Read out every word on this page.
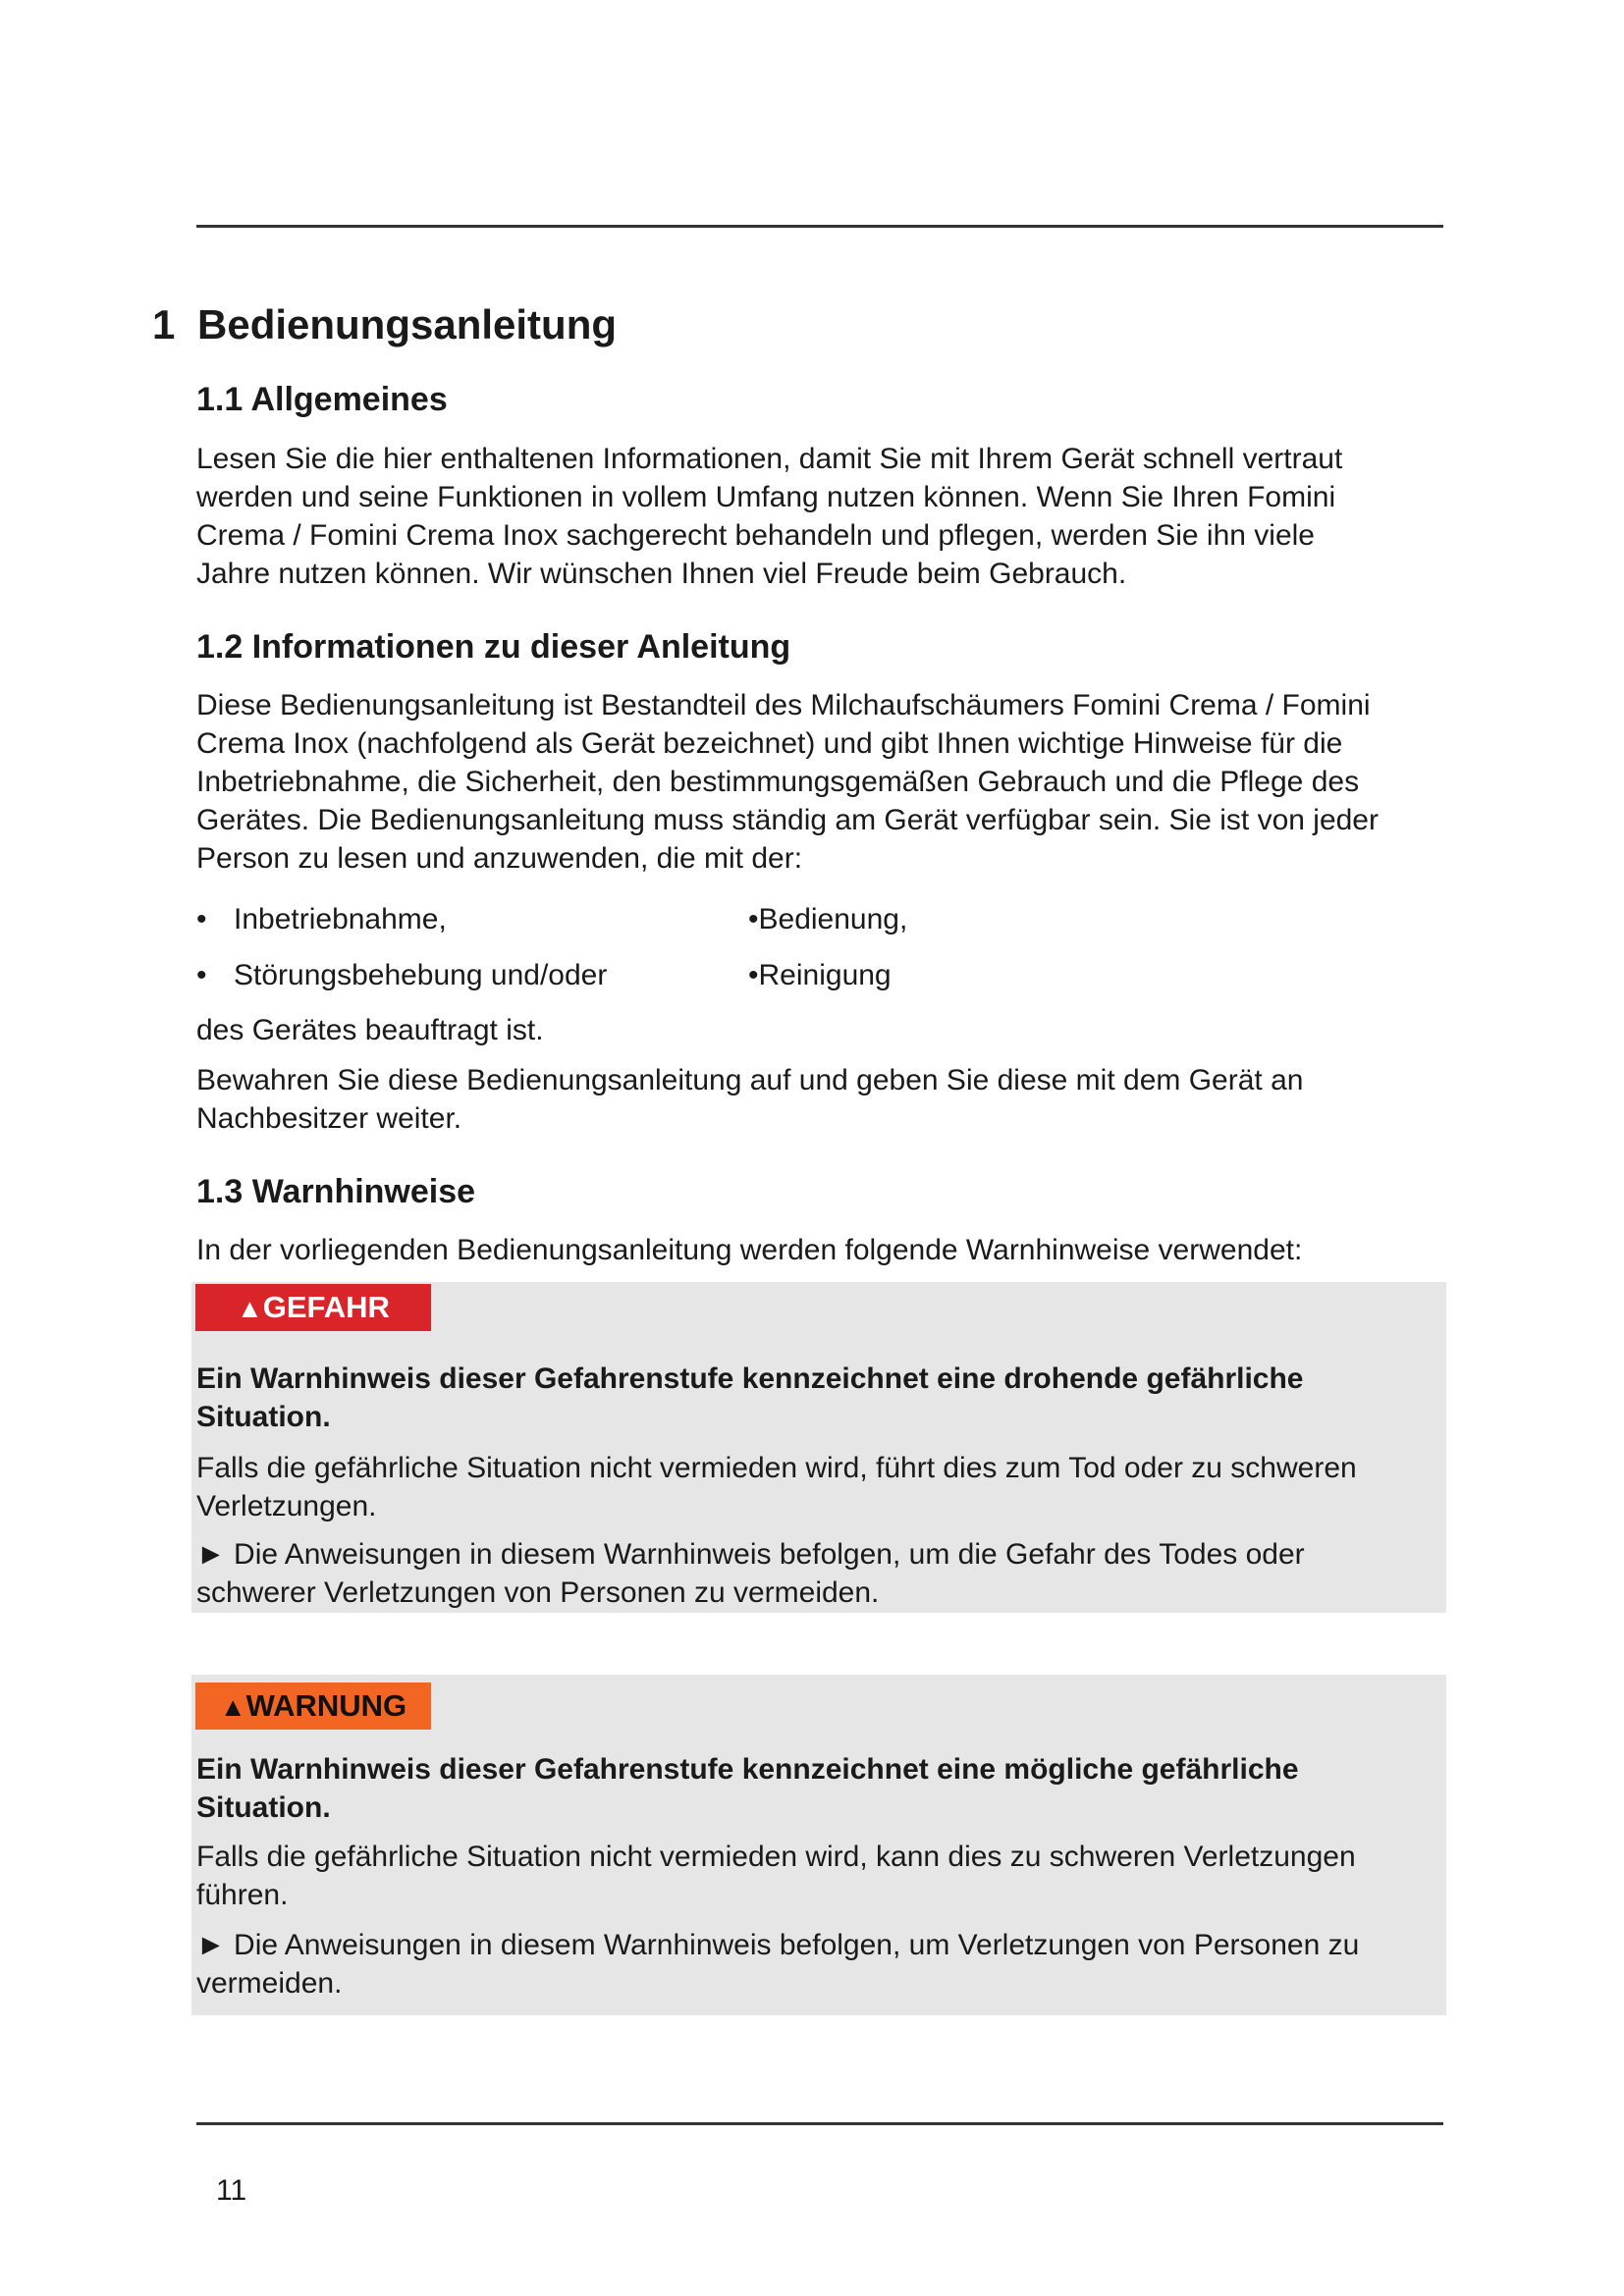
1 Bedienungsanleitung
1.1 Allgemeines
Lesen Sie die hier enthaltenen Informationen, damit Sie mit Ihrem Gerät schnell vertraut
werden und seine Funktionen in vollem Umfang nutzen können. Wenn Sie Ihren Fomini
Crema / Fomini Crema Inox sachgerecht behandeln und pflegen, werden Sie ihn viele
Jahre nutzen können. Wir wünschen Ihnen viel Freude beim Gebrauch.
1.2 Informationen zu dieser Anleitung
Diese Bedienungsanleitung ist Bestandteil des Milchaufschäumers Fomini Crema / Fomini
Crema Inox (nachfolgend als Gerät bezeichnet) und gibt Ihnen wichtige Hinweise für die
Inbetriebnahme, die Sicherheit, den bestimmungsgemäßen Gebrauch und die Pflege des
Gerätes. Die Bedienungsanleitung muss ständig am Gerät verfügbar sein. Sie ist von jeder
Person zu lesen und anzuwenden, die mit der:
• Inbetriebnahme,	•Bedienung,
• Störungsbehebung und/oder	•Reinigung
des Gerätes beauftragt ist.
Bewahren Sie diese Bedienungsanleitung auf und geben Sie diese mit dem Gerät an
Nachbesitzer weiter.
1.3 Warnhinweise
In der vorliegenden Bedienungsanleitung werden folgende Warnhinweise verwendet:
▲GEFAHR
Ein Warnhinweis dieser Gefahrenstufe kennzeichnet eine drohende gefährliche
Situation.
Falls die gefährliche Situation nicht vermieden wird, führt dies zum Tod oder zu schweren
Verletzungen.
► Die Anweisungen in diesem Warnhinweis befolgen, um die Gefahr des Todes oder
schwerer Verletzungen von Personen zu vermeiden.
▲WARNUNG
Ein Warnhinweis dieser Gefahrenstufe kennzeichnet eine mögliche gefährliche
Situation.
Falls die gefährliche Situation nicht vermieden wird, kann dies zu schweren Verletzungen
führen.
► Die Anweisungen in diesem Warnhinweis befolgen, um Verletzungen von Personen zu
vermeiden.
11
